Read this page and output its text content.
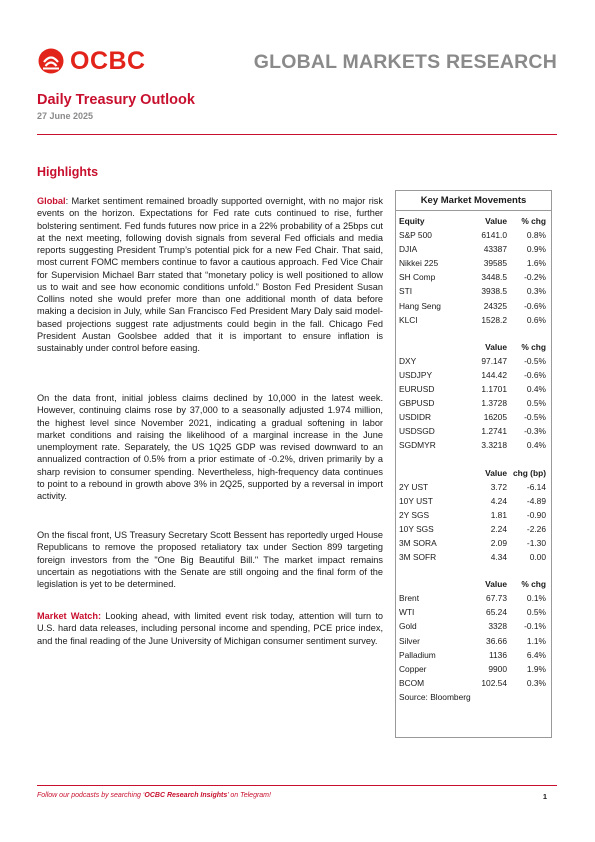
OCBC	GLOBAL MARKETS RESEARCH
Daily Treasury Outlook
27 June 2025
Highlights
Global: Market sentiment remained broadly supported overnight, with no major risk events on the horizon. Expectations for Fed rate cuts continued to rise, further bolstering sentiment. Fed funds futures now price in a 22% probability of a 25bps cut at the next meeting, following dovish signals from several Fed officials and media reports suggesting President Trump’s potential pick for a new Fed Chair. That said, most current FOMC members continue to favor a cautious approach. Fed Vice Chair for Supervision Michael Barr stated that “monetary policy is well positioned to allow us to wait and see how economic conditions unfold.” Boston Fed President Susan Collins noted she would prefer more than one additional month of data before making a decision in July, while San Francisco Fed President Mary Daly said model-based projections suggest rate adjustments could begin in the fall. Chicago Fed President Austan Goolsbee added that it is important to ensure inflation is sustainably under control before easing.
On the data front, initial jobless claims declined by 10,000 in the latest week. However, continuing claims rose by 37,000 to a seasonally adjusted 1.974 million, the highest level since November 2021, indicating a gradual softening in labor market conditions and raising the likelihood of a marginal increase in the June unemployment rate. Separately, the US 1Q25 GDP was revised downward to an annualized contraction of 0.5% from a prior estimate of -0.2%, driven primarily by a sharp revision to consumer spending. Nevertheless, high-frequency data continues to point to a rebound in growth above 3% in 2Q25, supported by a reversal in import activity.
On the fiscal front, US Treasury Secretary Scott Bessent has reportedly urged House Republicans to remove the proposed retaliatory tax under Section 899 targeting foreign investors from the "One Big Beautiful Bill." The market impact remains uncertain as negotiations with the Senate are still ongoing and the final form of the legislation is yet to be determined.
Market Watch: Looking ahead, with limited event risk today, attention will turn to U.S. hard data releases, including personal income and spending, PCE price index, and the final reading of the June University of Michigan consumer sentiment survey.
Key Market Movements
Equity	Value	% chg
S&P 500	6141.0	0.8%
DJIA	43387	0.9%
Nikkei 225	39585	1.6%
SH Comp	3448.5	-0.2%
STI	3938.5	0.3%
Hang Seng	24325	-0.6%
KLCI	1528.2	0.6%
Value	% chg
DXY	97.147	-0.5%
USDJPY	144.42	-0.6%
EURUSD	1.1701	0.4%
GBPUSD	1.3728	0.5%
USDIDR	16205	-0.5%
USDSGD	1.2741	-0.3%
SGDMYR	3.3218	0.4%
Value chg (bp)
2Y UST	3.72	-6.14
10Y UST	4.24	-4.89
2Y SGS	1.81	-0.90
10Y SGS	2.24	-2.26
3M SORA	2.09	-1.30
3M SOFR	4.34	0.00
Value	% chg
Brent	67.73	0.1%
WTI	65.24	0.5%
Gold	3328	-0.1%
Silver	36.66	1.1%
Palladium	1136	6.4%
Copper	9900	1.9%
BCOM	102.54	0.3%
Source: Bloomberg
Follow our podcasts by searching ‘OCBC Research Insights’ on Telegram!	1
